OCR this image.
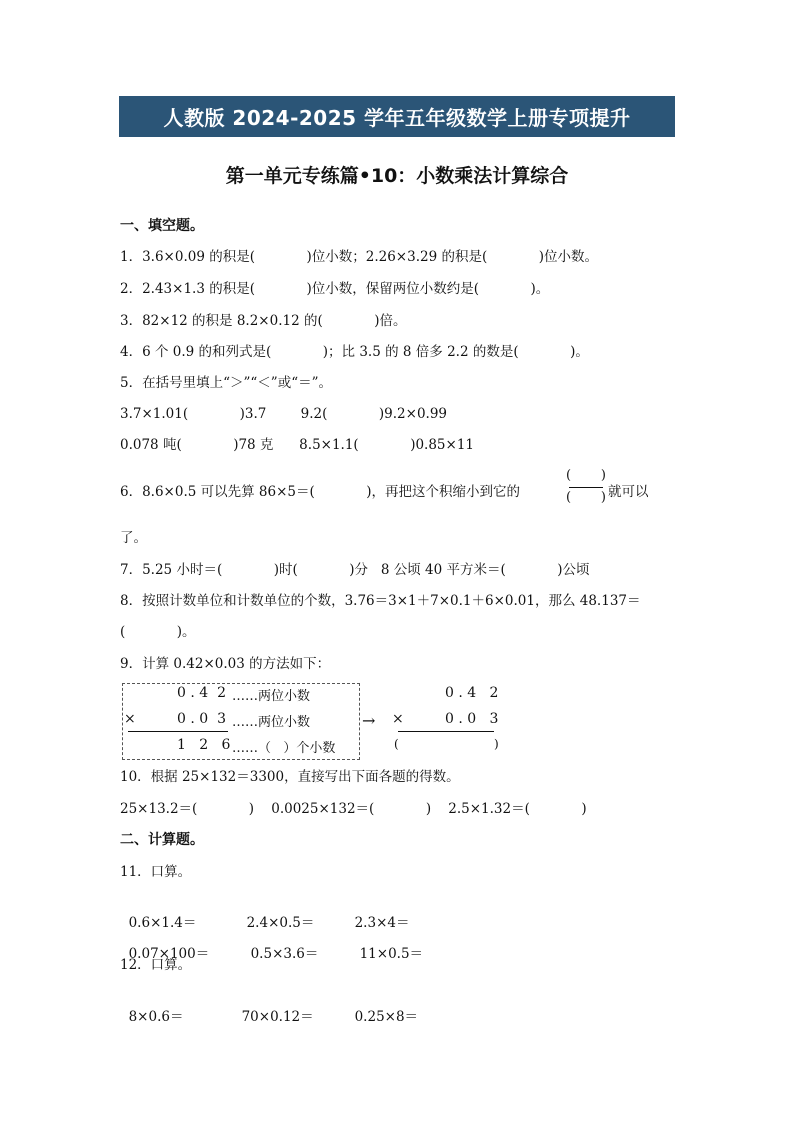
人教版 2024-2025 学年五年级数学上册专项提升
第一单元专练篇•10：小数乘法计算综合
一、填空题。
1．3.6×0.09 的积是(            )位小数；2.26×3.29 的积是(            )位小数。
2．2.43×1.3 的积是(            )位小数，保留两位小数约是(            )。
3．82×12 的积是 8.2×0.12 的(            )倍。
4．6 个 0.9 的和列式是(            )；比 3.5 的 8 倍多 2.2 的数是(            )。
5．在括号里填上“＞”“＜”或“＝”。
3.7×1.01(            )3.7        9.2(            )9.2×0.99
0.078 吨(            )78 克      8.5×1.1(            )0.85×11
6．8.6×0.5 可以先算 86×5＝(            )，再把这个积缩小到它的
( )
( ) 就可以
了。
7．5.25 小时＝(            )时(            )分   8 公顷 40 平方米＝(            )公顷
8．按照计数单位和计数单位的个数，3.76＝3×1＋7×0.1＋6×0.01，那么 48.137＝
(            )。
9．计算 0.42×0.03 的方法如下：
0 . 4  2 ……两位小数
×	0 . 0  3 ……两位小数
1   2   6 ……（   ）个小数
→
0 . 4   2
×	0 . 0   3
(                         )
10．根据 25×132＝3300，直接写出下面各题的得数。
25×13.2＝(            )    0.0025×132＝(            )    2.5×1.32＝(            )
二、计算题。
11．口算。

0.6×1.4＝	2.4×0.5＝	2.3×4＝

0.07×100＝	0.5×3.6＝	11×0.5＝

12．口算。

8×0.6＝	70×0.12＝	0.25×8＝
